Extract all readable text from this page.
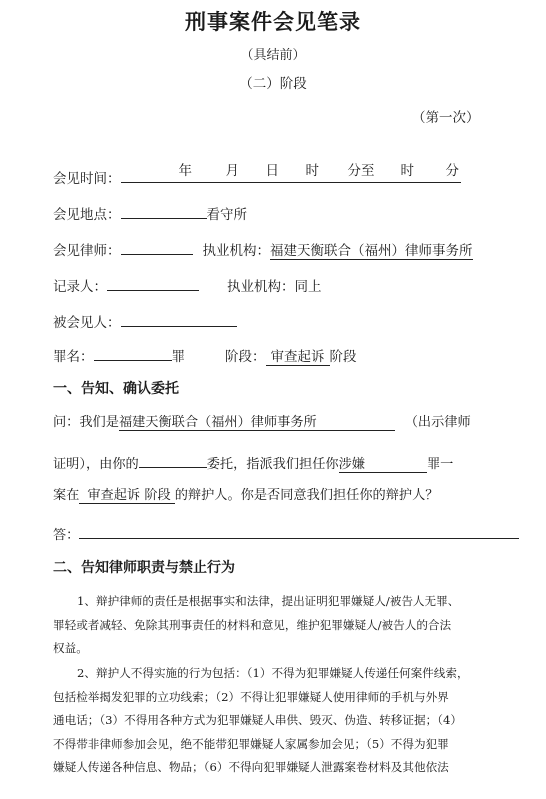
刑事案件会见笔录
（具结前）
（二）阶段
（第一次）
会见时间：	年 月 日 时 分至 时 分
会见地点：	看守所
会见律师：	执业机构：福建天衡联合（福州）律师事务所
记录人：	执业机构：同上
被会见人：
罪名：	罪	阶段： 审查起诉 阶段
一、告知、确认委托
问：我们是福建天衡联合（福州）律师事务所	（出示律师
证明），由你的	委托，指派我们担任你涉嫌	罪一
案在 审查起诉 阶段 的辩护人。你是否同意我们担任你的辩护人？
答：
二、告知律师职责与禁止行为
1、辩护律师的责任是根据事实和法律，提出证明犯罪嫌疑人/被告人无罪、
罪轻或者减轻、免除其刑事责任的材料和意见，维护犯罪嫌疑人/被告人的合法
权益。
2、辩护人不得实施的行为包括：（1）不得为犯罪嫌疑人传递任何案件线索，
包括检举揭发犯罪的立功线索；（2）不得让犯罪嫌疑人使用律师的手机与外界
通电话；（3）不得用各种方式为犯罪嫌疑人串供、毁灭、伪造、转移证据；（4）
不得带非律师参加会见，绝不能带犯罪嫌疑人家属参加会见；（5）不得为犯罪
嫌疑人传递各种信息、物品；（6）不得向犯罪嫌疑人泄露案卷材料及其他依法
